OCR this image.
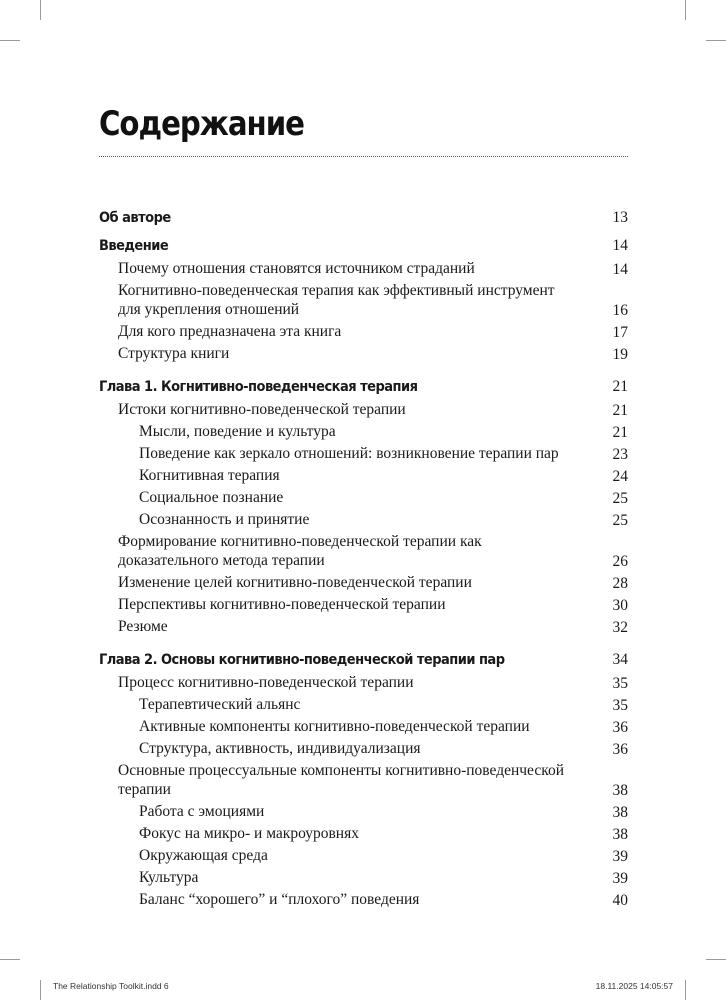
Содержание
Об авторе	13
Введение	14
Почему отношения становятся источником страданий	14
Когнитивно-поведенческая терапия как эффективный инструмент для укрепления отношений	16
Для кого предназначена эта книга	17
Структура книги	19
Глава 1. Когнитивно-поведенческая терапия	21
Истоки когнитивно-поведенческой терапии	21
Мысли, поведение и культура	21
Поведение как зеркало отношений: возникновение терапии пар	23
Когнитивная терапия	24
Социальное познание	25
Осознанность и принятие	25
Формирование когнитивно-поведенческой терапии как доказательного метода терапии	26
Изменение целей когнитивно-поведенческой терапии	28
Перспективы когнитивно-поведенческой терапии	30
Резюме	32
Глава 2. Основы когнитивно-поведенческой терапии пар	34
Процесс когнитивно-поведенческой терапии	35
Терапевтический альянс	35
Активные компоненты когнитивно-поведенческой терапии	36
Структура, активность, индивидуализация	36
Основные процессуальные компоненты когнитивно-поведенческой терапии	38
Работа с эмоциями	38
Фокус на микро- и макроуровнях	38
Окружающая среда	39
Культура	39
Баланс “хорошего” и “плохого” поведения	40
The Relationship Toolkit.indd 6	18.11.2025 14:05:57
